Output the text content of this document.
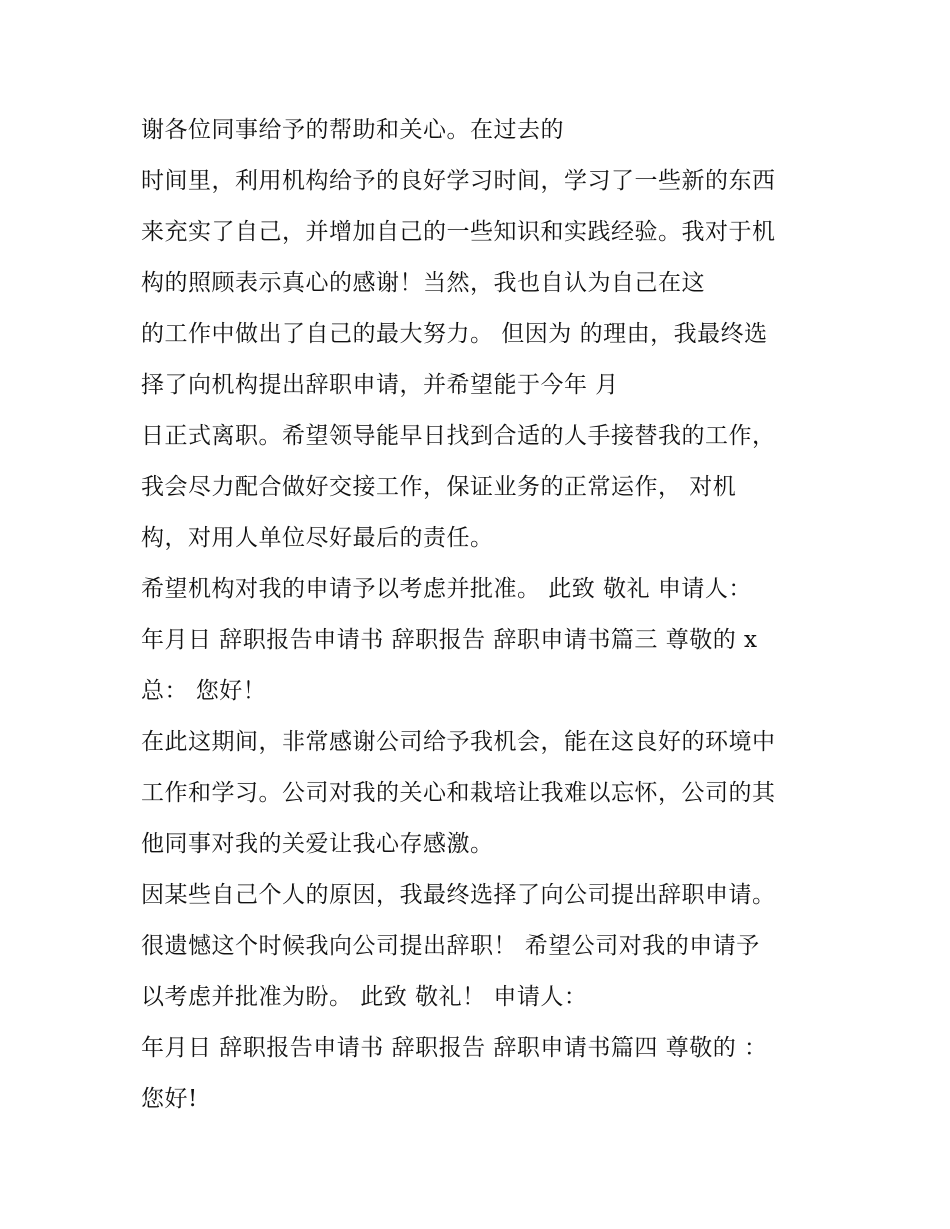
谢各位同事给予的帮助和关心。在过去的
时间里，利用机构给予的良好学习时间，学习了一些新的东西
来充实了自己，并增加自己的一些知识和实践经验。我对于机
构的照顾表示真心的感谢！当然，我也自认为自己在这
的工作中做出了自己的最大努力。 但因为 的理由，我最终选
择了向机构提出辞职申请，并希望能于今年 月
日正式离职。希望领导能早日找到合适的人手接替我的工作，
我会尽力配合做好交接工作，保证业务的正常运作， 对机
构，对用人单位尽好最后的责任。
希望机构对我的申请予以考虑并批准。 此致 敬礼 申请人：
年月日 辞职报告申请书 辞职报告 辞职申请书篇三 尊敬的 x
总： 您好！
在此这期间，非常感谢公司给予我机会，能在这良好的环境中
工作和学习。公司对我的关心和栽培让我难以忘怀，公司的其
他同事对我的关爱让我心存感激。
因某些自己个人的原因，我最终选择了向公司提出辞职申请。
很遗憾这个时候我向公司提出辞职！ 希望公司对我的申请予
以考虑并批准为盼。 此致 敬礼！ 申请人：
年月日 辞职报告申请书 辞职报告 辞职申请书篇四 尊敬的 ：
您好!
